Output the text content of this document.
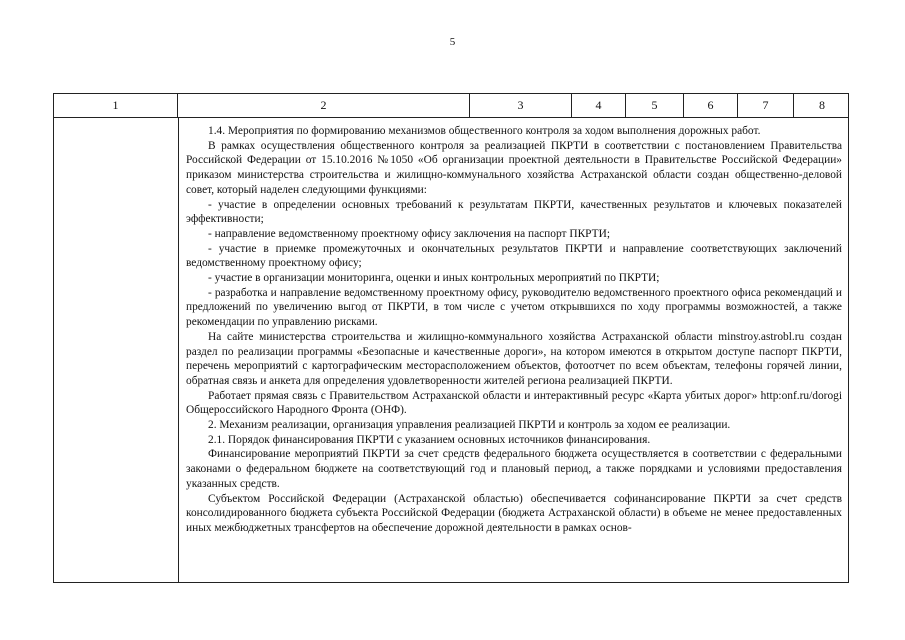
5
1	2	3	4	5	6	7	8

1.4. Мероприятия по формированию механизмов общественного контроля за ходом выполнения дорожных работ.

В рамках осуществления общественного контроля за реализацией ПКРТИ в соответствии с постановлением Правительства Российской Федерации от 15.10.2016 №1050 «Об организации проектной деятельности в Правительстве Российской Федерации» приказом министерства строительства и жилищно-коммунального хозяйства Астраханской области создан общественно-деловой совет, который наделен следующими функциями:

- участие в определении основных требований к результатам ПКРТИ, качественных результатов и ключевых показателей эффективности;

- направление ведомственному проектному офису заключения на паспорт ПКРТИ;

- участие в приемке промежуточных и окончательных результатов ПКРТИ и направление соответствующих заключений ведомственному проектному офису;

- участие в организации мониторинга, оценки и иных контрольных мероприятий по ПКРТИ;

- разработка и направление ведомственному проектному офису, руководителю ведомственного проектного офиса рекомендаций и предложений по увеличению выгод от ПКРТИ, в том числе с учетом открывшихся по ходу программы возможностей, а также рекомендации по управлению рисками.

На сайте министерства строительства и жилищно-коммунального хозяйства Астраханской области minstroy.astrobl.ru создан раздел по реализации программы «Безопасные и качественные дороги», на котором имеются в открытом доступе паспорт ПКРТИ, перечень мероприятий с картографическим месторасположением объектов, фотоотчет по всем объектам, телефоны горячей линии, обратная связь и анкета для определения удовлетворенности жителей региона реализацией ПКРТИ.

Работает прямая связь с Правительством Астраханской области и интерактивный ресурс «Карта убитых дорог» http:onf.ru/dorogi Общероссийского Народного Фронта (ОНФ).

2. Механизм реализации, организация управления реализацией ПКРТИ и контроль за ходом ее реализации.

2.1. Порядок финансирования ПКРТИ с указанием основных источников финансирования.

Финансирование мероприятий ПКРТИ за счет средств федерального бюджета осуществляется в соответствии с федеральными законами о федеральном бюджете на соответствующий год и плановый период, а также порядками и условиями предоставления указанных средств.

Субъектом Российской Федерации (Астраханской областью) обеспечивается софинансирование ПКРТИ за счет средств консолидированного бюджета субъекта Российской Федерации (бюджета Астраханской области) в объеме не менее предоставленных иных межбюджетных трансфертов на обеспечение дорожной деятельности в рамках основ-
